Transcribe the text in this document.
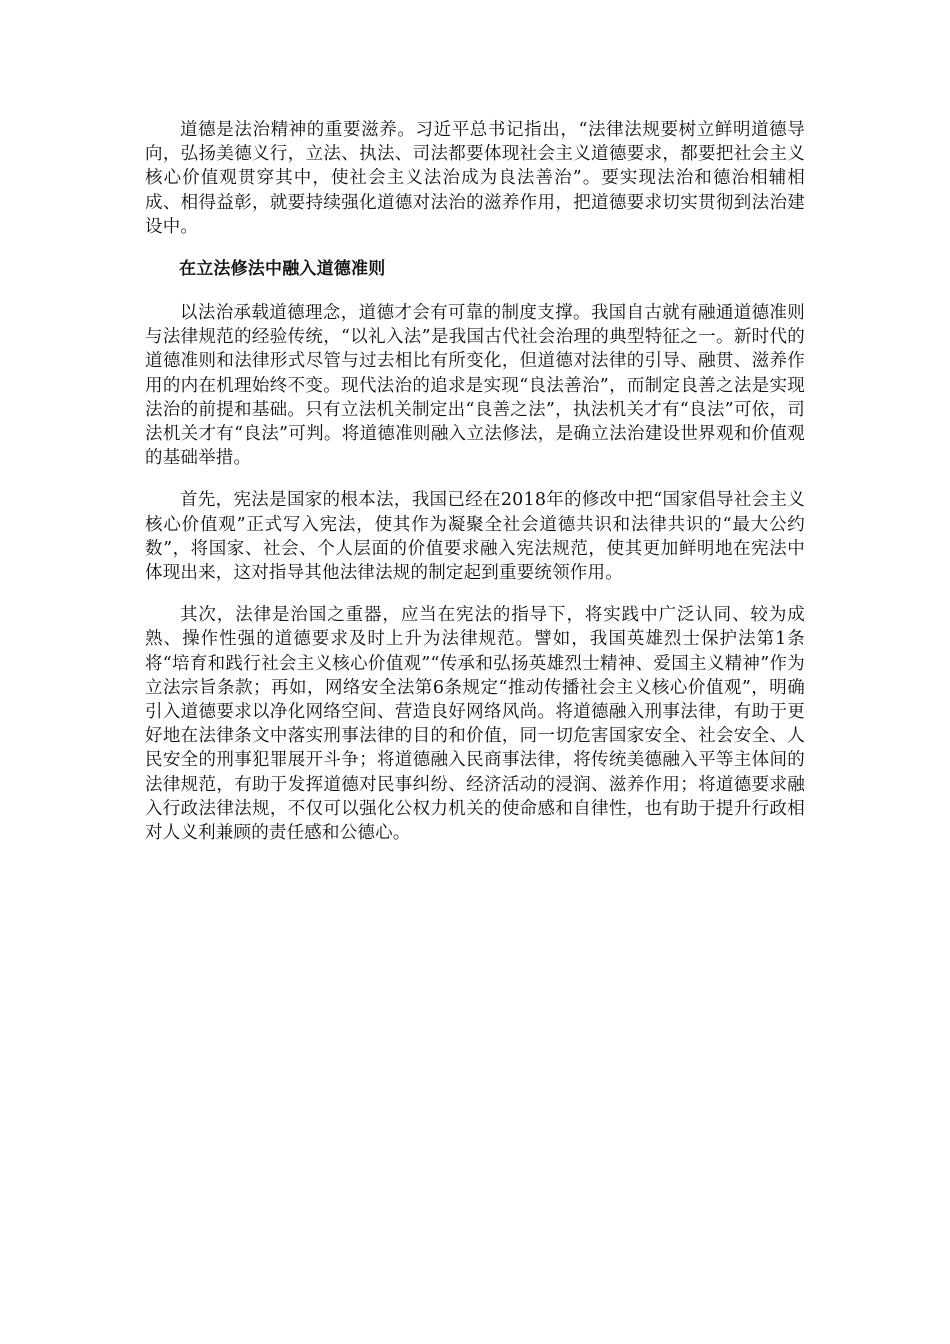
道德是法治精神的重要滋养。习近平总书记指出，“法律法规要树立鲜明道德导向，弘扬美德义行，立法、执法、司法都要体现社会主义道德要求，都要把社会主义核心价值观贯穿其中，使社会主义法治成为良法善治”。要实现法治和德治相辅相成、相得益彰，就要持续强化道德对法治的滋养作用，把道德要求切实贯彻到法治建设中。

在立法修法中融入道德准则

以法治承载道德理念，道德才会有可靠的制度支撑。我国自古就有融通道德准则与法律规范的经验传统，“以礼入法”是我国古代社会治理的典型特征之一。新时代的道德准则和法律形式尽管与过去相比有所变化，但道德对法律的引导、融贯、滋养作用的内在机理始终不变。现代法治的追求是实现“良法善治”，而制定良善之法是实现法治的前提和基础。只有立法机关制定出“良善之法”，执法机关才有“良法”可依，司法机关才有“良法”可判。将道德准则融入立法修法，是确立法治建设世界观和价值观的基础举措。

首先，宪法是国家的根本法，我国已经在2018年的修改中把“国家倡导社会主义核心价值观”正式写入宪法，使其作为凝聚全社会道德共识和法律共识的“最大公约数”，将国家、社会、个人层面的价值要求融入宪法规范，使其更加鲜明地在宪法中体现出来，这对指导其他法律法规的制定起到重要统领作用。

其次，法律是治国之重器，应当在宪法的指导下，将实践中广泛认同、较为成熟、操作性强的道德要求及时上升为法律规范。譬如，我国英雄烈士保护法第1条将“培育和践行社会主义核心价值观”“传承和弘扬英雄烈士精神、爱国主义精神”作为立法宗旨条款；再如，网络安全法第6条规定“推动传播社会主义核心价值观”，明确引入道德要求以净化网络空间、营造良好网络风尚。将道德融入刑事法律，有助于更好地在法律条文中落实刑事法律的目的和价值，同一切危害国家安全、社会安全、人民安全的刑事犯罪展开斗争；将道德融入民商事法律，将传统美德融入平等主体间的法律规范，有助于发挥道德对民事纠纷、经济活动的浸润、滋养作用；将道德要求融入行政法律法规，不仅可以强化公权力机关的使命感和自律性，也有助于提升行政相对人义利兼顾的责任感和公德心。
